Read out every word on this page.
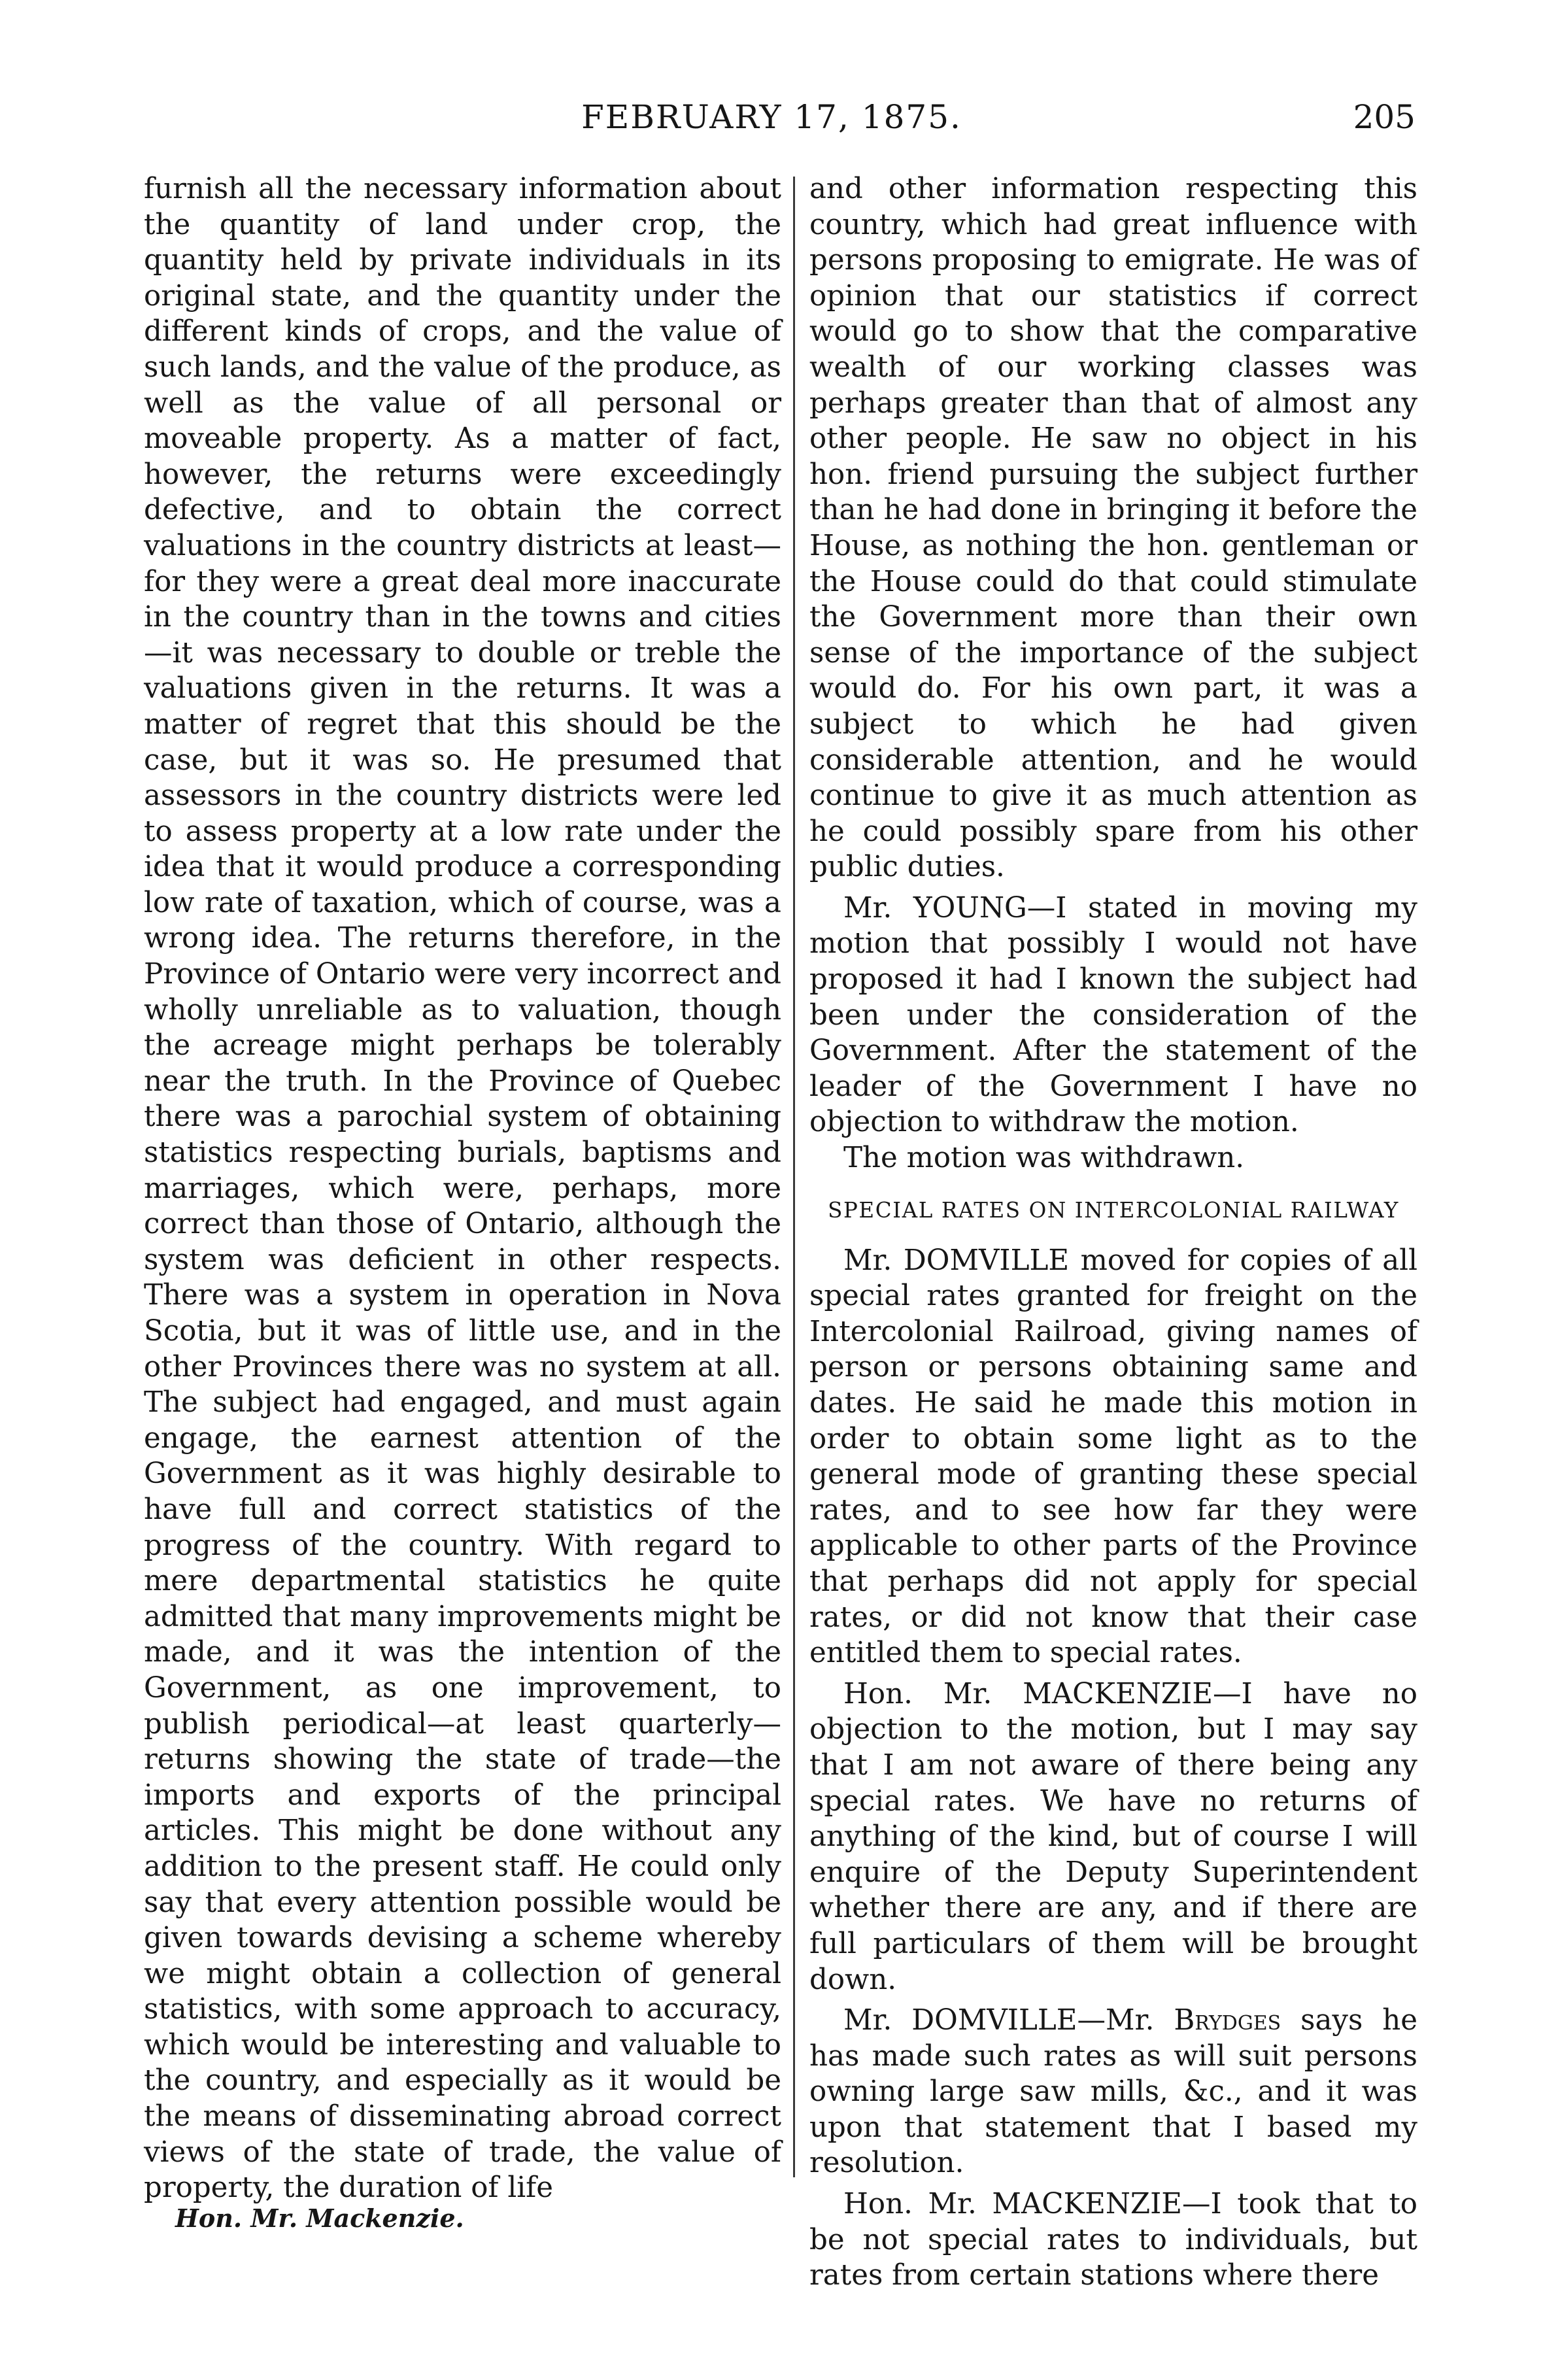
FEBRUARY 17, 1875.	205

furnish all the necessary information about the quantity of land under crop, the quantity held by private individuals in its original state, and the quantity under the different kinds of crops, and the value of such lands, and the value of the produce, as well as the value of all personal or moveable property. As a matter of fact, however, the returns were exceedingly defective, and to obtain the correct valuations in the country districts at least—for they were a great deal more inaccurate in the country than in the towns and cities —it was necessary to double or treble the valuations given in the returns. It was a matter of regret that this should be the case, but it was so. He presumed that assessors in the country districts were led to assess property at a low rate under the idea that it would produce a corresponding low rate of taxation, which of course, was a wrong idea. The returns therefore, in the Province of Ontario were very incorrect and wholly unreliable as to valuation, though the acreage might perhaps be tolerably near the truth. In the Province of Quebec there was a parochial system of obtaining statistics respecting burials, baptisms and marriages, which were, perhaps, more correct than those of Ontario, although the system was deficient in other respects. There was a system in operation in Nova Scotia, but it was of little use, and in the other Provinces there was no system at all. The subject had engaged, and must again engage, the earnest attention of the Government as it was highly desirable to have full and correct statistics of the progress of the country. With regard to mere departmental statistics he quite admitted that many improvements might be made, and it was the intention of the Government, as one improvement, to publish periodical—at least quarterly—returns showing the state of trade—the imports and exports of the principal articles. This might be done without any addition to the present staff. He could only say that every attention possible would be given towards devising a scheme whereby we might obtain a collection of general statistics, with some approach to accuracy, which would be interesting and valuable to the country, and especially as it would be the means of disseminating abroad correct views of the state of trade, the value of property, the duration of life

and other information respecting this country, which had great influence with persons proposing to emigrate. He was of opinion that our statistics if correct would go to show that the comparative wealth of our working classes was perhaps greater than that of almost any other people. He saw no object in his hon. friend pursuing the subject further than he had done in bringing it before the House, as nothing the hon. gentleman or the House could do that could stimulate the Government more than their own sense of the importance of the subject would do. For his own part, it was a subject to which he had given considerable attention, and he would continue to give it as much attention as he could possibly spare from his other public duties.

Mr. YOUNG—I stated in moving my motion that possibly I would not have proposed it had I known the subject had been under the consideration of the Government. After the statement of the leader of the Government I have no objection to withdraw the motion.

The motion was withdrawn.

SPECIAL RATES ON INTERCOLONIAL RAILWAY

Mr. DOMVILLE moved for copies of all special rates granted for freight on the Intercolonial Railroad, giving names of person or persons obtaining same and dates. He said he made this motion in order to obtain some light as to the general mode of granting these special rates, and to see how far they were applicable to other parts of the Province that perhaps did not apply for special rates, or did not know that their case entitled them to special rates.

Hon. Mr. MACKENZIE—I have no objection to the motion, but I may say that I am not aware of there being any special rates. We have no returns of anything of the kind, but of course I will enquire of the Deputy Superintendent whether there are any, and if there are full particulars of them will be brought down.

Mr. DOMVILLE—Mr. Brydges says he has made such rates as will suit persons owning large saw mills, &c., and it was upon that statement that I based my resolution.

Hon. Mr. MACKENZIE—I took that to be not special rates to individuals, but rates from certain stations where there

Hon. Mr. Mackenzie.
